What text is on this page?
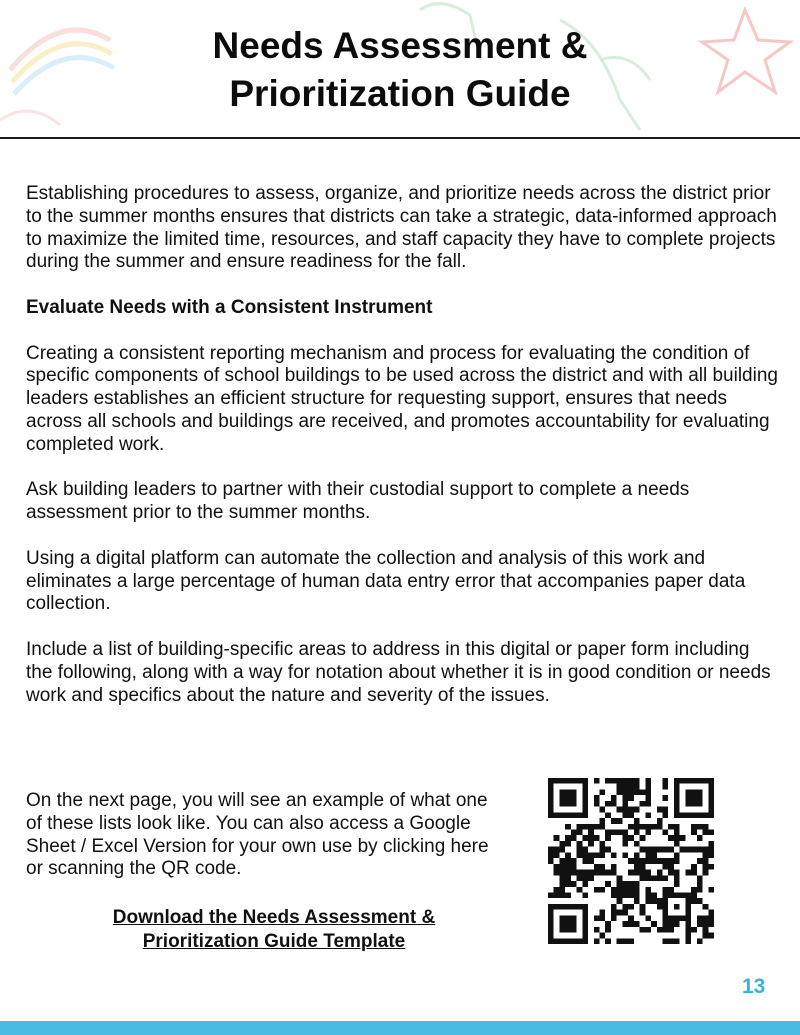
Needs Assessment &
Prioritization Guide

Establishing procedures to assess, organize, and prioritize needs across the district prior to the summer months ensures that districts can take a strategic, data-informed approach to maximize the limited time, resources, and staff capacity they have to complete projects during the summer and ensure readiness for the fall.

Evaluate Needs with a Consistent Instrument

Creating a consistent reporting mechanism and process for evaluating the condition of specific components of school buildings to be used across the district and with all building leaders establishes an efficient structure for requesting support, ensures that needs across all schools and buildings are received, and promotes accountability for evaluating completed work.

Ask building leaders to partner with their custodial support to complete a needs assessment prior to the summer months.

Using a digital platform can automate the collection and analysis of this work and eliminates a large percentage of human data entry error that accompanies paper data collection.

Include a list of building-specific areas to address in this digital or paper form including the following, along with a way for notation about whether it is in good condition or needs work and specifics about the nature and severity of the issues.

On the next page, you will see an example of what one of these lists look like. You can also access a Google Sheet / Excel Version for your own use by clicking here or scanning the QR code.

Download the Needs Assessment &
Prioritization Guide Template
13
